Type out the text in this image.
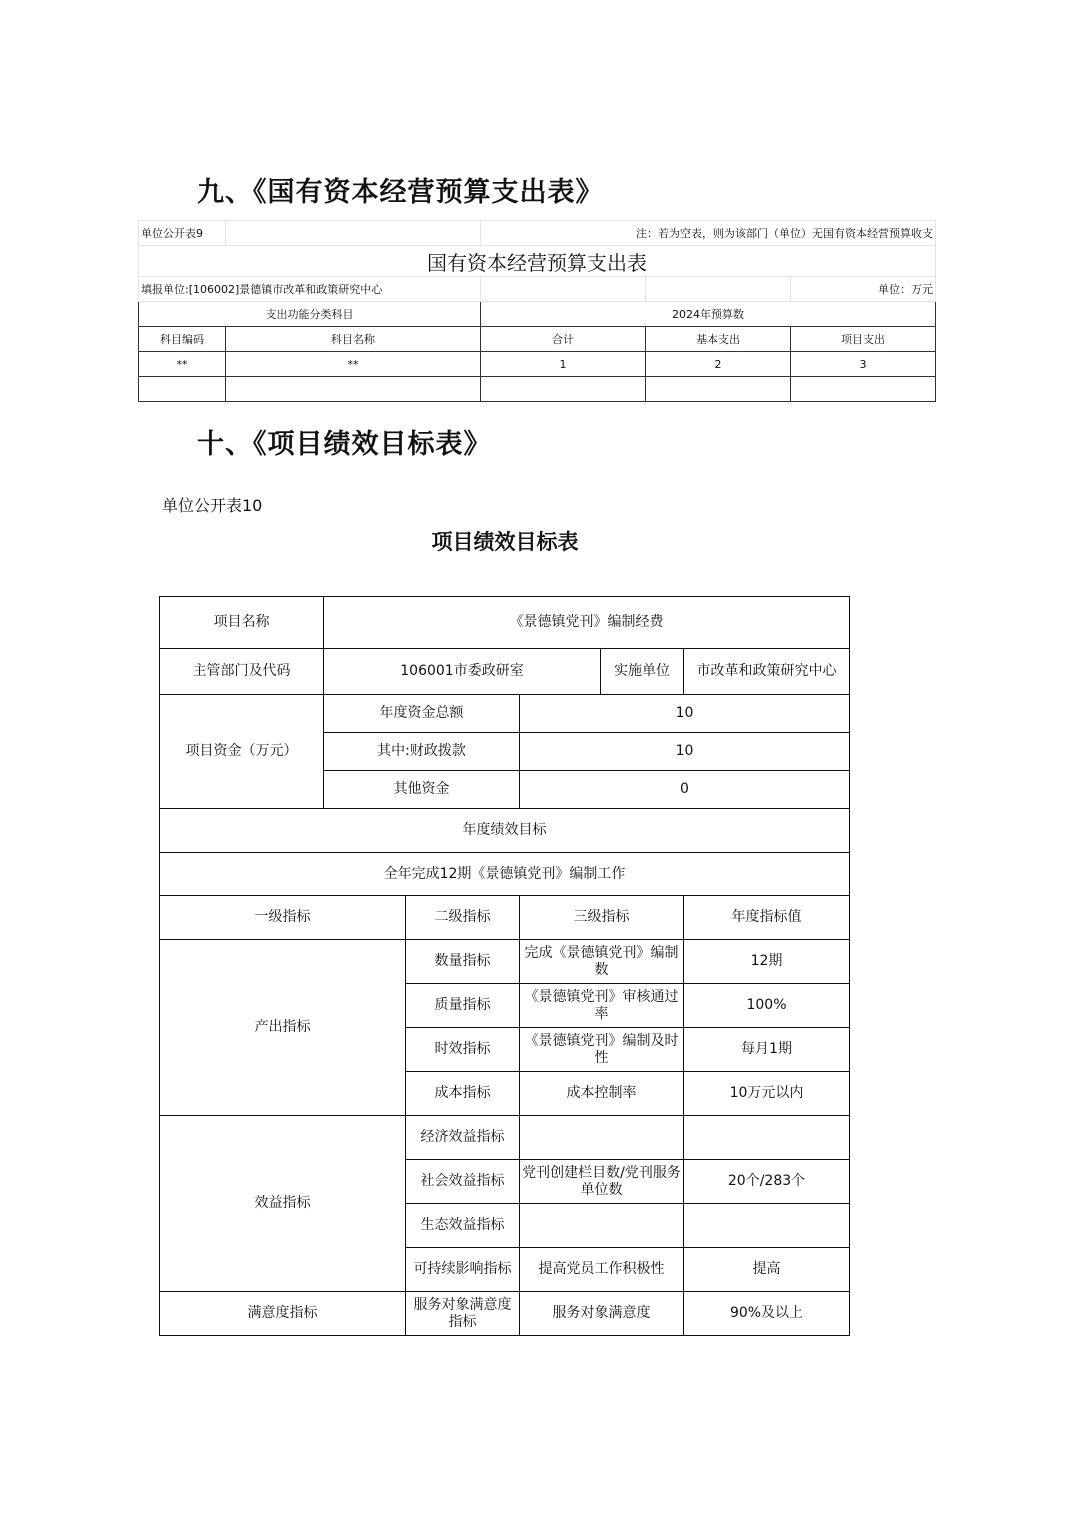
九、《国有资本经营预算支出表》
单位公开表9		注：若为空表，则为该部门（单位）无国有资本经营预算收支		
国有资本经营预算支出表				
填报单位:[106002]景德镇市改革和政策研究中心				单位：万元
支出功能分类科目		2024年预算数		
科目编码	科目名称	合计	基本支出	项目支出
**	**	1	2	3

十、《项目绩效目标表》
单位公开表10
项目绩效目标表
项目名称	《景德镇党刊》编制经费				
主管部门及代码	106001市委政研室			实施单位	市改革和政策研究中心
项目资金（万元）	年度资金总额		10		
	其中:财政拨款		10		
	其他资金		0		
年度绩效目标					
全年完成12期《景德镇党刊》编制工作					
一级指标		二级指标	三级指标		年度指标值
产出指标		数量指标	完成《景德镇党刊》编制数		12期
		质量指标	《景德镇党刊》审核通过率		100%
		时效指标	《景德镇党刊》编制及时性		每月1期
		成本指标	成本控制率		10万元以内
效益指标		经济效益指标			
		社会效益指标	党刊创建栏目数/党刊服务单位数		20个/283个
		生态效益指标			
		可持续影响指标	提高党员工作积极性		提高
满意度指标		服务对象满意度指标	服务对象满意度		90%及以上
